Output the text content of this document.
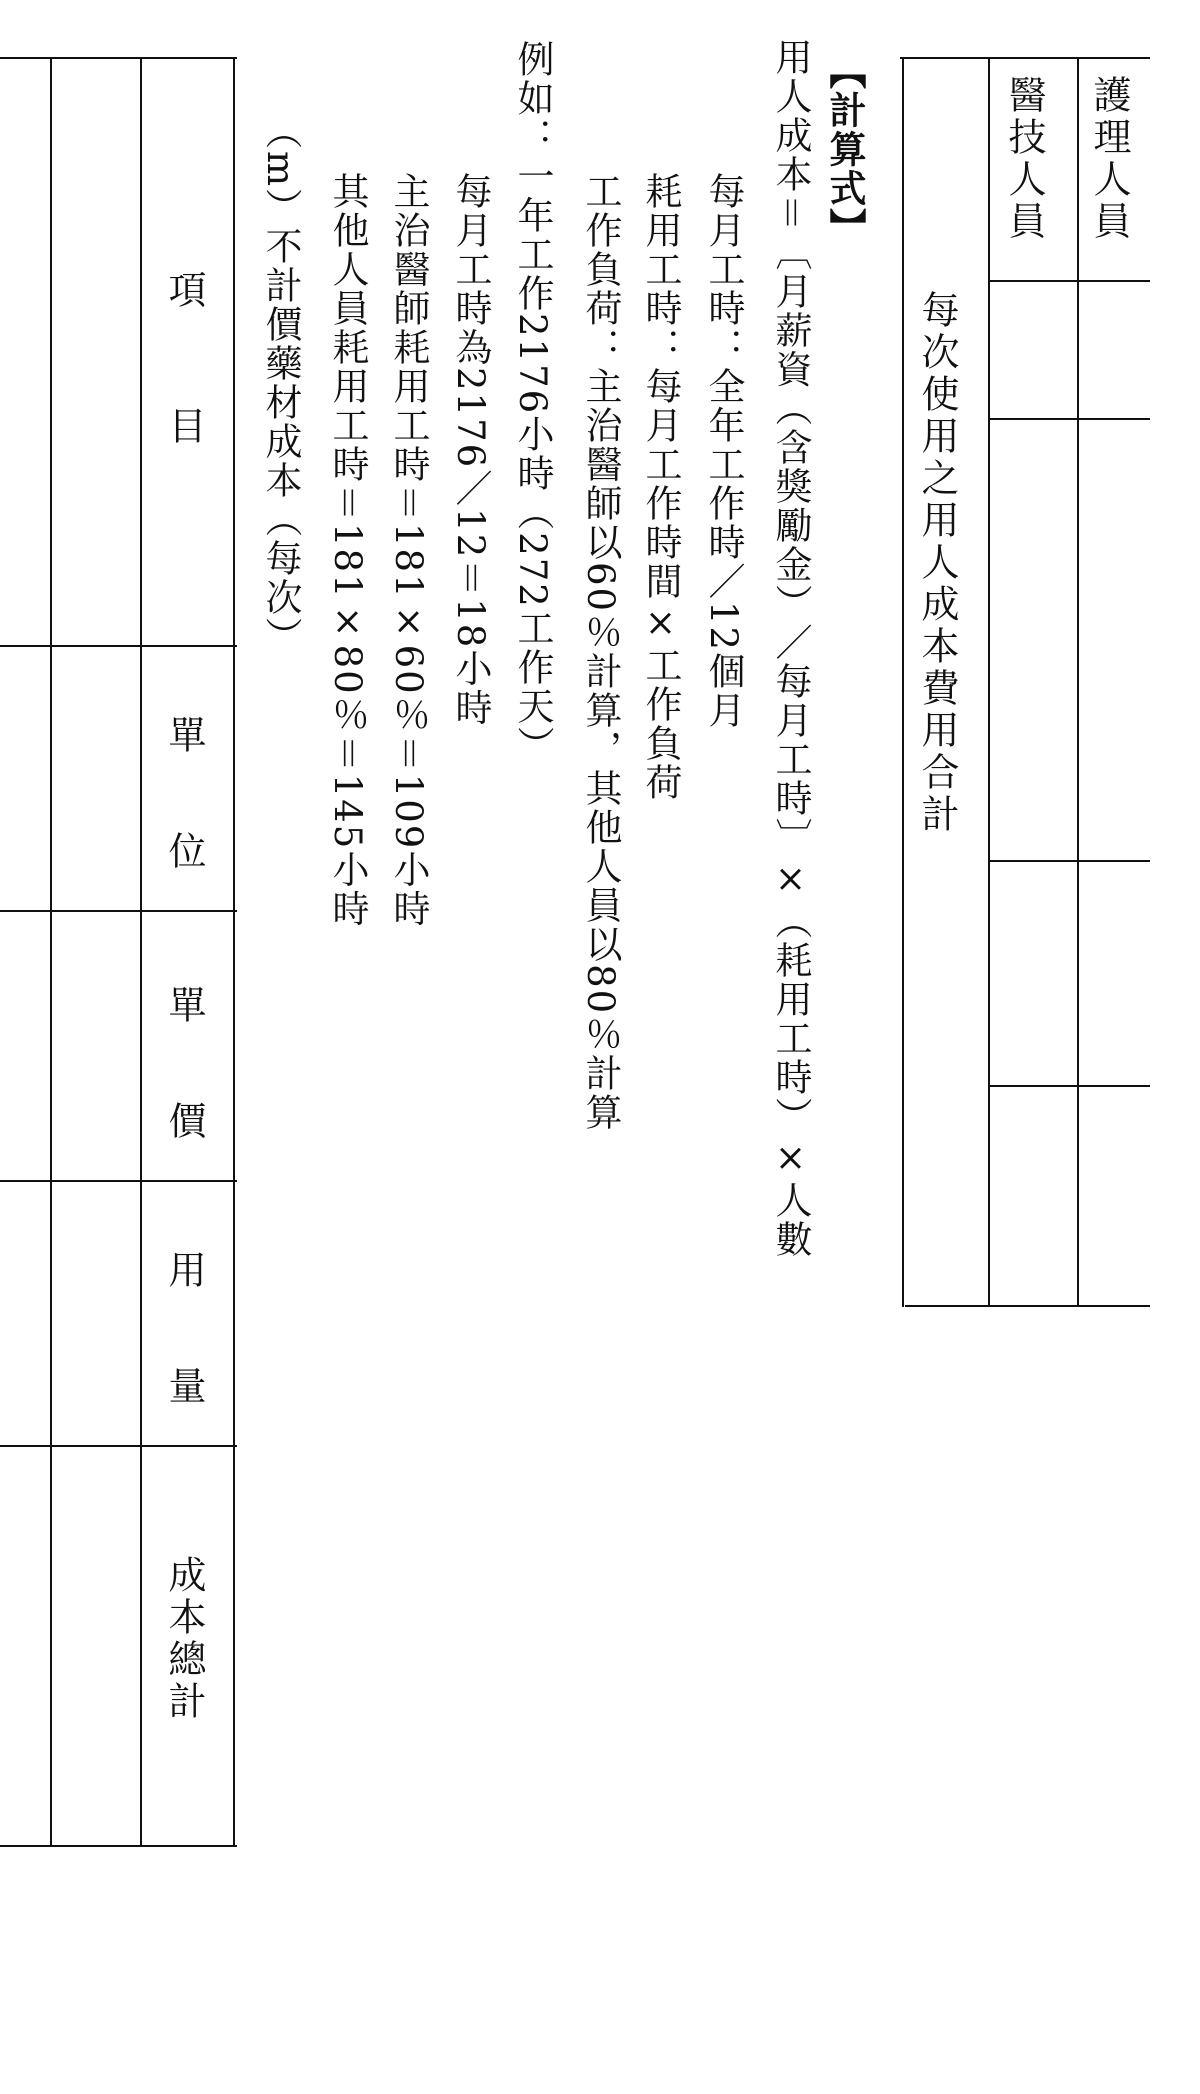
護理人員
醫技人員
每次使用之用人成本費用合計
【計算式】
用人成本＝〔月薪資（含獎勵金）／每月工時〕×（耗用工時）×人數
每月工時：全年工作時／12個月
耗用工時：每月工作時間×工作負荷
工作負荷：主治醫師以60％計算，其他人員以80％計算
例如：一年工作2176小時（272工作天）
每月工時為2176／12＝18小時
主治醫師耗用工時＝181×60％＝109小時
其他人員耗用工時＝181×80％＝145小時
（m）不計價藥材成本（每次）
項　目
單　位
單　價
用　量
成本總計
